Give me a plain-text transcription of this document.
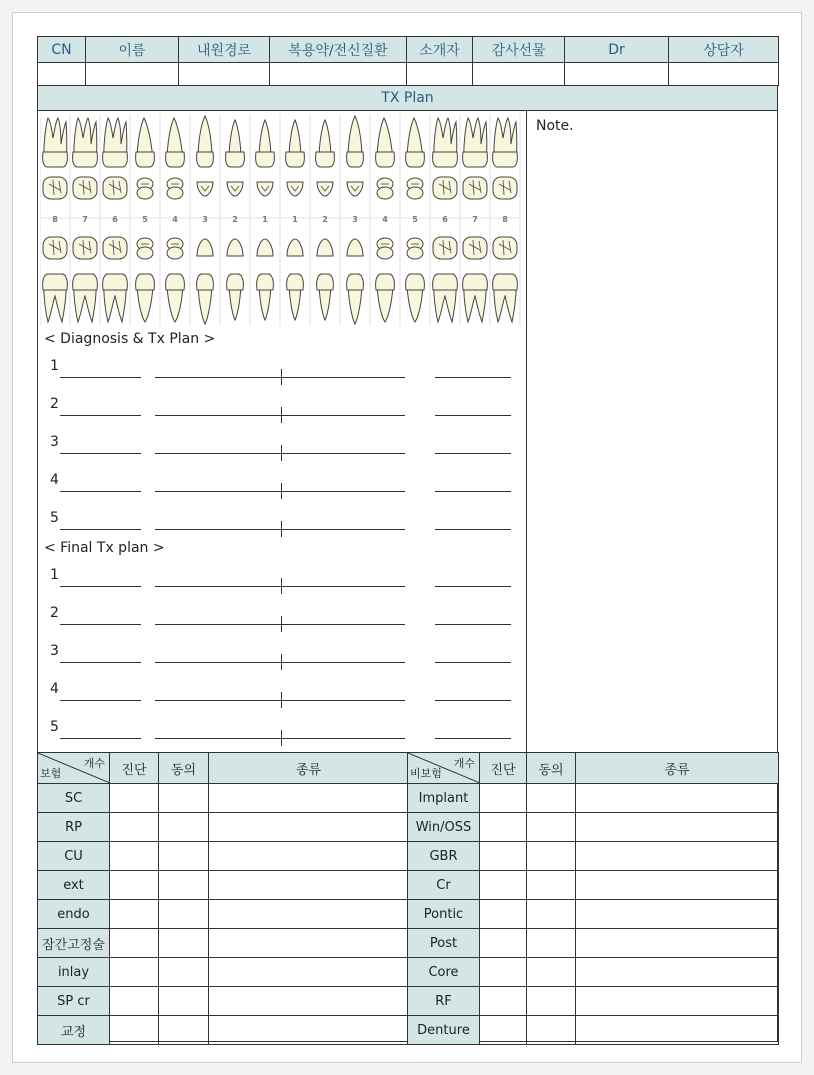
CN	이름	내원경로	복용약/전신질환	소개자	감사선물	Dr	상담자

TX Plan
Note.
8	7	6	5	4	3	2	1	1	2	3	4	5	6	7	8
< Diagnosis & Tx Plan >
1
2
3
4
5
< Final Tx plan >
1
2
3
4
5
개수
보험	진단	동의	종류
SC			
RP			
CU			
ext			
endo			
잠간고정술			
inlay			
SP cr			
교정			
개수
비보험	진단	동의	종류
Implant			
Win/OSS			
GBR			
Cr			
Pontic			
Post			
Core			
RF			
Denture			
